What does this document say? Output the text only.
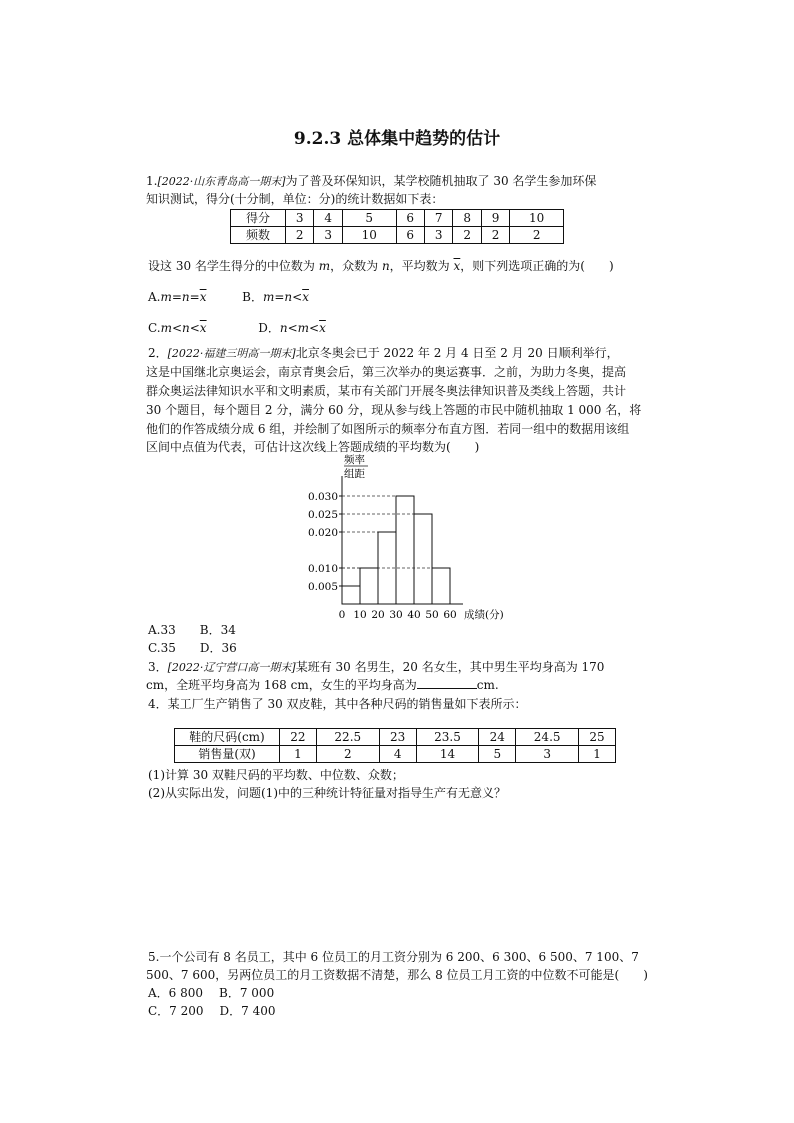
9.2.3 总体集中趋势的估计
1.[2022·山东青岛高一期末]为了普及环保知识，某学校随机抽取了 30 名学生参加环保
知识测试，得分(十分制，单位：分)的统计数据如下表：
得分	3	4	5	6	7	8	9	10
频数	2	3	10	6	3	2	2	2
设这 30 名学生得分的中位数为 m，众数为 n，平均数为 $\overline{x}$，则下列选项正确的为(　　)
$A.m=n=\overline{x}$	B．$m=n<\overline{x}$
$C.m<n<\overline{x}$	D．$n<m<\overline{x}$
2．[2022·福建三明高一期末]北京冬奥会已于 2022 年 2 月 4 日至 2 月 20 日顺利举行，
这是中国继北京奥运会，南京青奥会后，第三次举办的奥运赛事．之前，为助力冬奥，提高
群众奥运法律知识水平和文明素质，某市有关部门开展冬奥法律知识普及类线上答题，共计
30 个题目，每个题目 2 分，满分 60 分，现从参与线上答题的市民中随机抽取 1 000 名，将
他们的作答成绩分成 6 组，并绘制了如图所示的频率分布直方图．若同一组中的数据用该组
区间中点值为代表，可估计这次线上答题成绩的平均数为(　　)
0.005
0.010
0.020
0.025
0.030
0 10 20 30 40 50 60
频率
组距
成绩(分)
A.33 B．34
C.35 D．36
3．[2022·辽宁营口高一期末]某班有 30 名男生，20 名女生，其中男生平均身高为 170
cm，全班平均身高为 168 cm，女生的平均身高为	cm.
4．某工厂生产销售了 30 双皮鞋，其中各种尺码的销售量如下表所示：
鞋的尺码(cm)	22	22.5	23	23.5	24	24.5	25
销售量(双)	1	2	4	14	5	3	1
(1)计算 30 双鞋尺码的平均数、中位数、众数；
(2)从实际出发，问题(1)中的三种统计特征量对指导生产有无意义？
5.一个公司有 8 名员工，其中 6 位员工的月工资分别为 6 200、6 300、6 500、7 100、7
500、7 600，另两位员工的月工资数据不清楚，那么 8 位员工月工资的中位数不可能是(　　)
A．6 800 B．7 000
C．7 200 D．7 400
